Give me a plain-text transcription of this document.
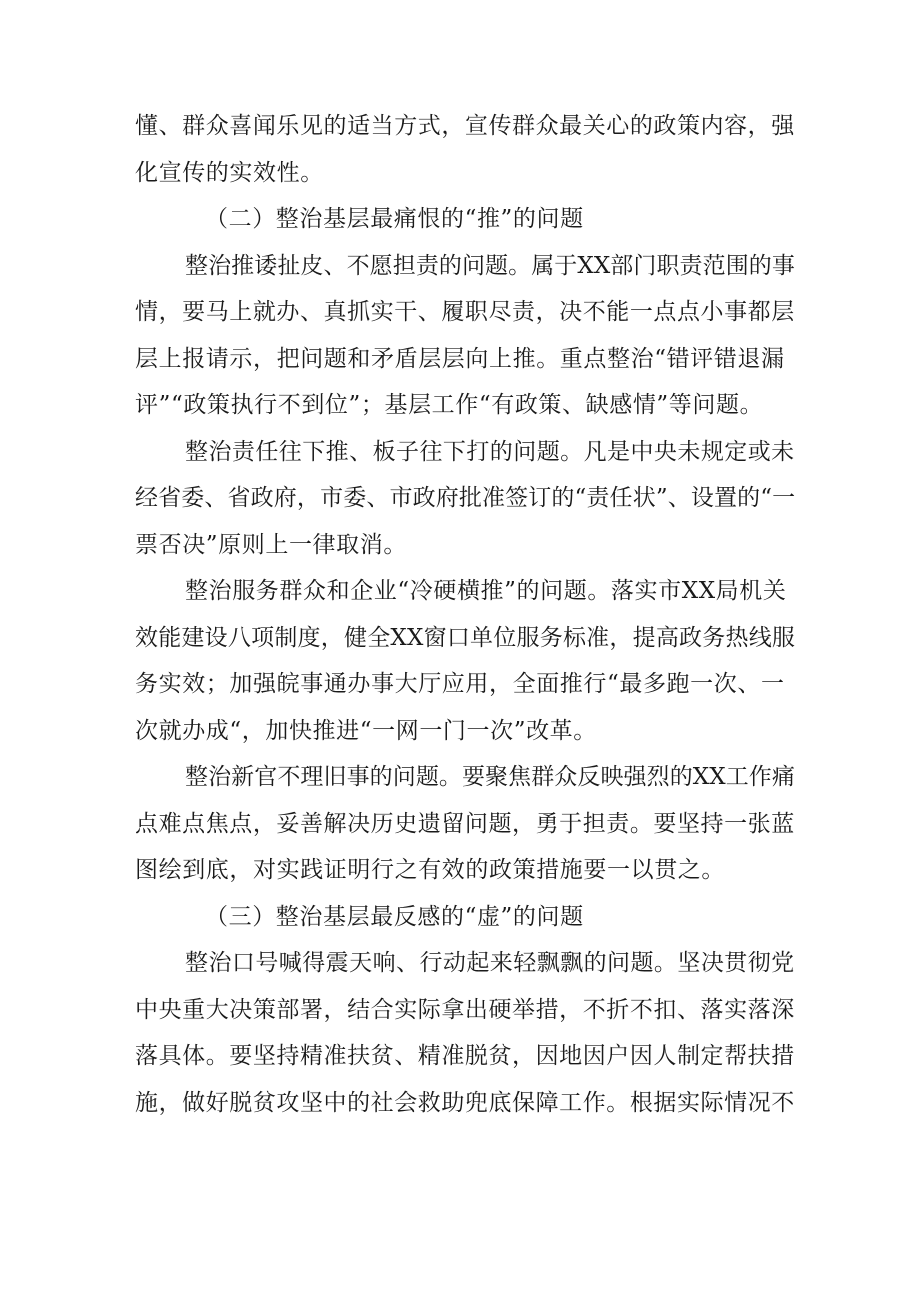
懂、群众喜闻乐见的适当方式，宣传群众最关心的政策内容，强
化宣传的实效性。
（二）整治基层最痛恨的“推”的问题
整治推诿扯皮、不愿担责的问题。属于XX部门职责范围的事
情，要马上就办、真抓实干、履职尽责，决不能一点点小事都层
层上报请示，把问题和矛盾层层向上推。重点整治“错评错退漏
评”“政策执行不到位”；基层工作“有政策、缺感情”等问题。
整治责任往下推、板子往下打的问题。凡是中央未规定或未
经省委、省政府，市委、市政府批准签订的“责任状”、设置的“一
票否决”原则上一律取消。
整治服务群众和企业“冷硬横推”的问题。落实市XX局机关
效能建设八项制度，健全XX窗口单位服务标准，提高政务热线服
务实效；加强皖事通办事大厅应用，全面推行“最多跑一次、一
次就办成“，加快推进“一网一门一次”改革。
整治新官不理旧事的问题。要聚焦群众反映强烈的XX工作痛
点难点焦点，妥善解决历史遗留问题，勇于担责。要坚持一张蓝
图绘到底，对实践证明行之有效的政策措施要一以贯之。
（三）整治基层最反感的“虚”的问题
整治口号喊得震天响、行动起来轻飘飘的问题。坚决贯彻党
中央重大决策部署，结合实际拿出硬举措，不折不扣、落实落深
落具体。要坚持精准扶贫、精准脱贫，因地因户因人制定帮扶措
施，做好脱贫攻坚中的社会救助兜底保障工作。根据实际情况不
